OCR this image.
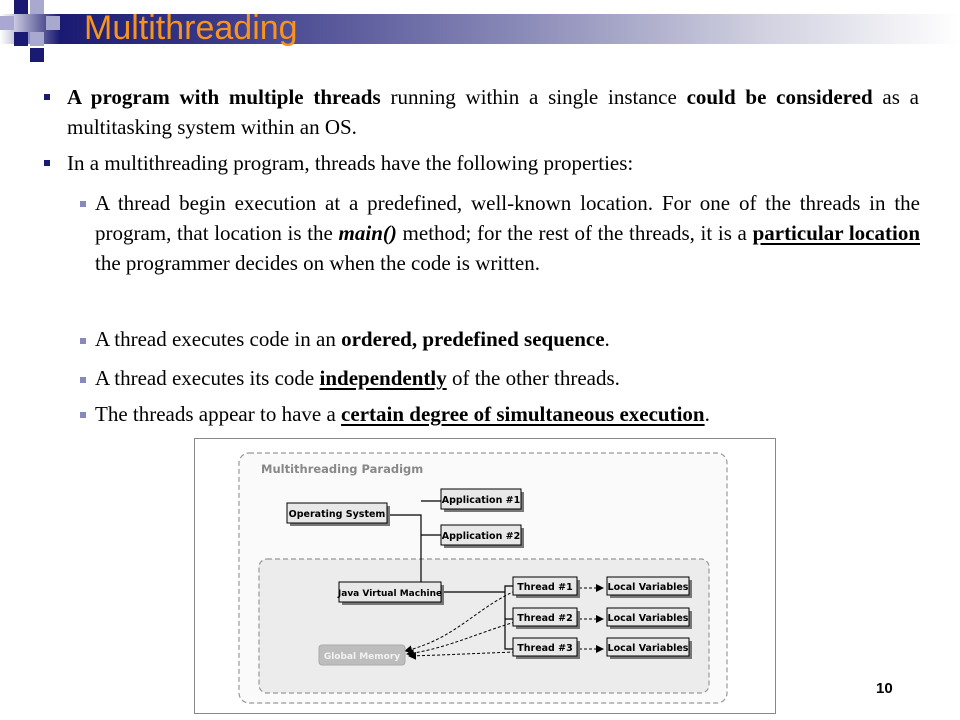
Multithreading
A program with multiple threads running within a single instance could be considered as a multitasking system within an OS.
In a multithreading program, threads have the following properties:
A thread begin execution at a predefined, well-known location. For one of the threads in the program, that location is the main() method; for the rest of the threads, it is a particular location the programmer decides on when the code is written.
A thread executes code in an ordered, predefined sequence.
A thread executes its code independently of the other threads.
The threads appear to have a certain degree of simultaneous execution.
Multithreading Paradigm
Application #1
Operating System
Application #2
Java Virtual Machine
Thread #1
Thread #2
Thread #3
Local Variables
Local Variables
Local Variables
Global Memory
10
